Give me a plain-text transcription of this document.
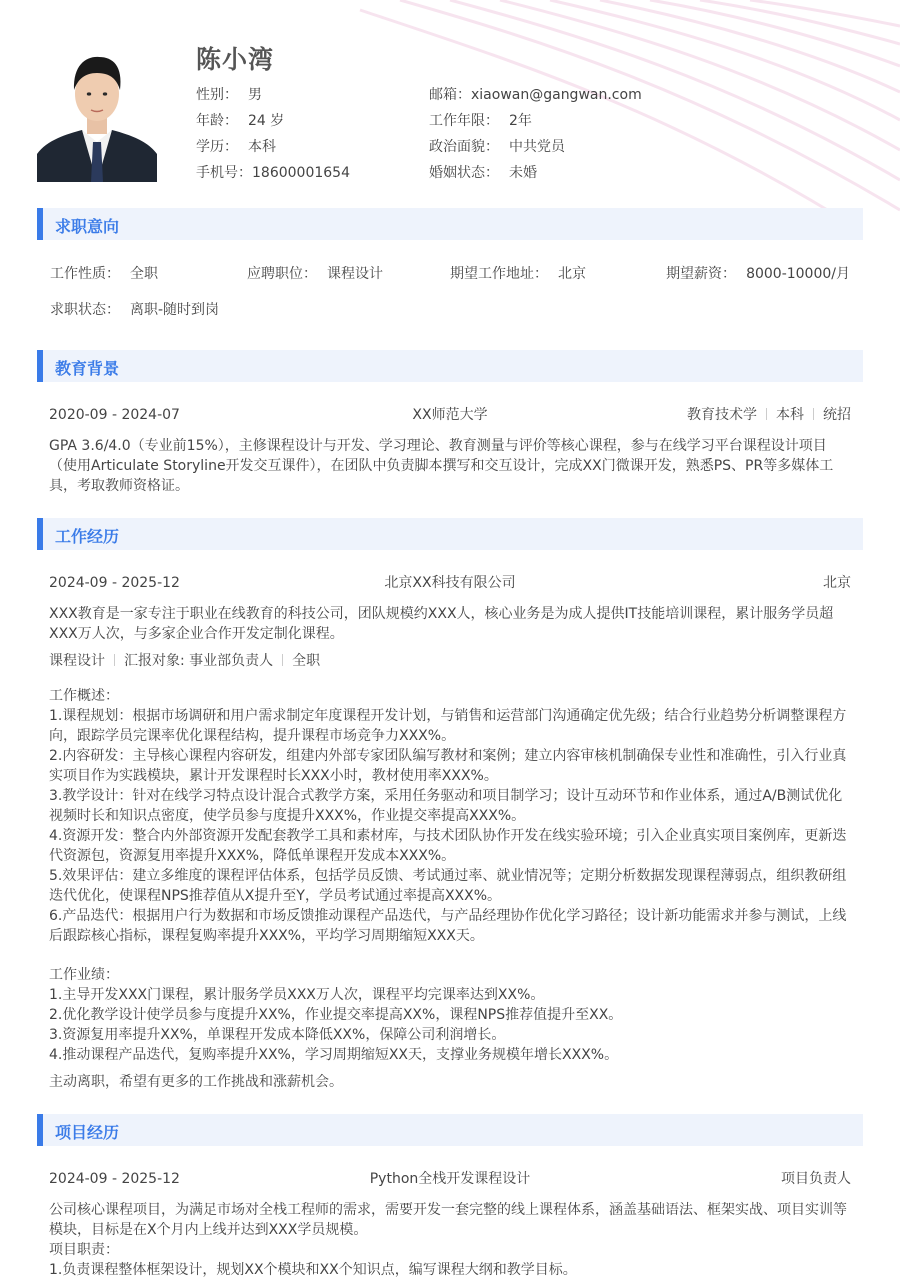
陈小湾
性别： 男	邮箱：xiaowan@gangwan.com
年龄： 24 岁	工作年限： 2年
学历： 本科	政治面貌： 中共党员
手机号：18600001654	婚姻状态： 未婚
求职意向
工作性质： 全职	应聘职位： 课程设计	期望工作地址： 北京	期望薪资： 8000-10000/月
求职状态： 离职-随时到岗
教育背景
2020-09 - 2024-07	XX师范大学	教育技术学 本科 统招

GPA 3.6/4.0（专业前15%），主修课程设计与开发、学习理论、教育测量与评价等核心课程，参与在线学习平台课程设计项目（使用Articulate Storyline开发交互课件），在团队中负责脚本撰写和交互设计，完成XX门微课开发，熟悉PS、PR等多媒体工具，考取教师资格证。

工作经历
2024-09 - 2025-12	北京XX科技有限公司	北京

XXX教育是一家专注于职业在线教育的科技公司，团队规模约XXX人，核心业务是为成人提供IT技能培训课程，累计服务学员超XXX万人次，与多家企业合作开发定制化课程。

课程设计 汇报对象: 事业部负责人 全职

工作概述：

1.课程规划：根据市场调研和用户需求制定年度课程开发计划，与销售和运营部门沟通确定优先级；结合行业趋势分析调整课程方向，跟踪学员完课率优化课程结构，提升课程市场竞争力XXX%。

2.内容研发：主导核心课程内容研发，组建内外部专家团队编写教材和案例；建立内容审核机制确保专业性和准确性，引入行业真实项目作为实践模块，累计开发课程时长XXX小时，教材使用率XXX%。

3.教学设计：针对在线学习特点设计混合式教学方案，采用任务驱动和项目制学习；设计互动环节和作业体系，通过A/B测试优化视频时长和知识点密度，使学员参与度提升XXX%，作业提交率提高XXX%。

4.资源开发：整合内外部资源开发配套教学工具和素材库，与技术团队协作开发在线实验环境；引入企业真实项目案例库，更新迭代资源包，资源复用率提升XXX%，降低单课程开发成本XXX%。

5.效果评估：建立多维度的课程评估体系，包括学员反馈、考试通过率、就业情况等；定期分析数据发现课程薄弱点，组织教研组迭代优化，使课程NPS推荐值从X提升至Y，学员考试通过率提高XXX%。

6.产品迭代：根据用户行为数据和市场反馈推动课程产品迭代，与产品经理协作优化学习路径；设计新功能需求并参与测试，上线后跟踪核心指标，课程复购率提升XXX%，平均学习周期缩短XXX天。

工作业绩：

1.主导开发XXX门课程，累计服务学员XXX万人次，课程平均完课率达到XX%。

2.优化教学设计使学员参与度提升XX%，作业提交率提高XX%，课程NPS推荐值提升至XX。

3.资源复用率提升XX%，单课程开发成本降低XX%，保障公司利润增长。

4.推动课程产品迭代，复购率提升XX%，学习周期缩短XX天，支撑业务规模年增长XXX%。

主动离职，希望有更多的工作挑战和涨薪机会。

项目经历
2024-09 - 2025-12	Python全栈开发课程设计	项目负责人

公司核心课程项目，为满足市场对全栈工程师的需求，需要开发一套完整的线上课程体系，涵盖基础语法、框架实战、项目实训等模块，目标是在X个月内上线并达到XXX学员规模。

项目职责：

1.负责课程整体框架设计，规划XX个模块和XX个知识点，编写课程大纲和教学目标。
